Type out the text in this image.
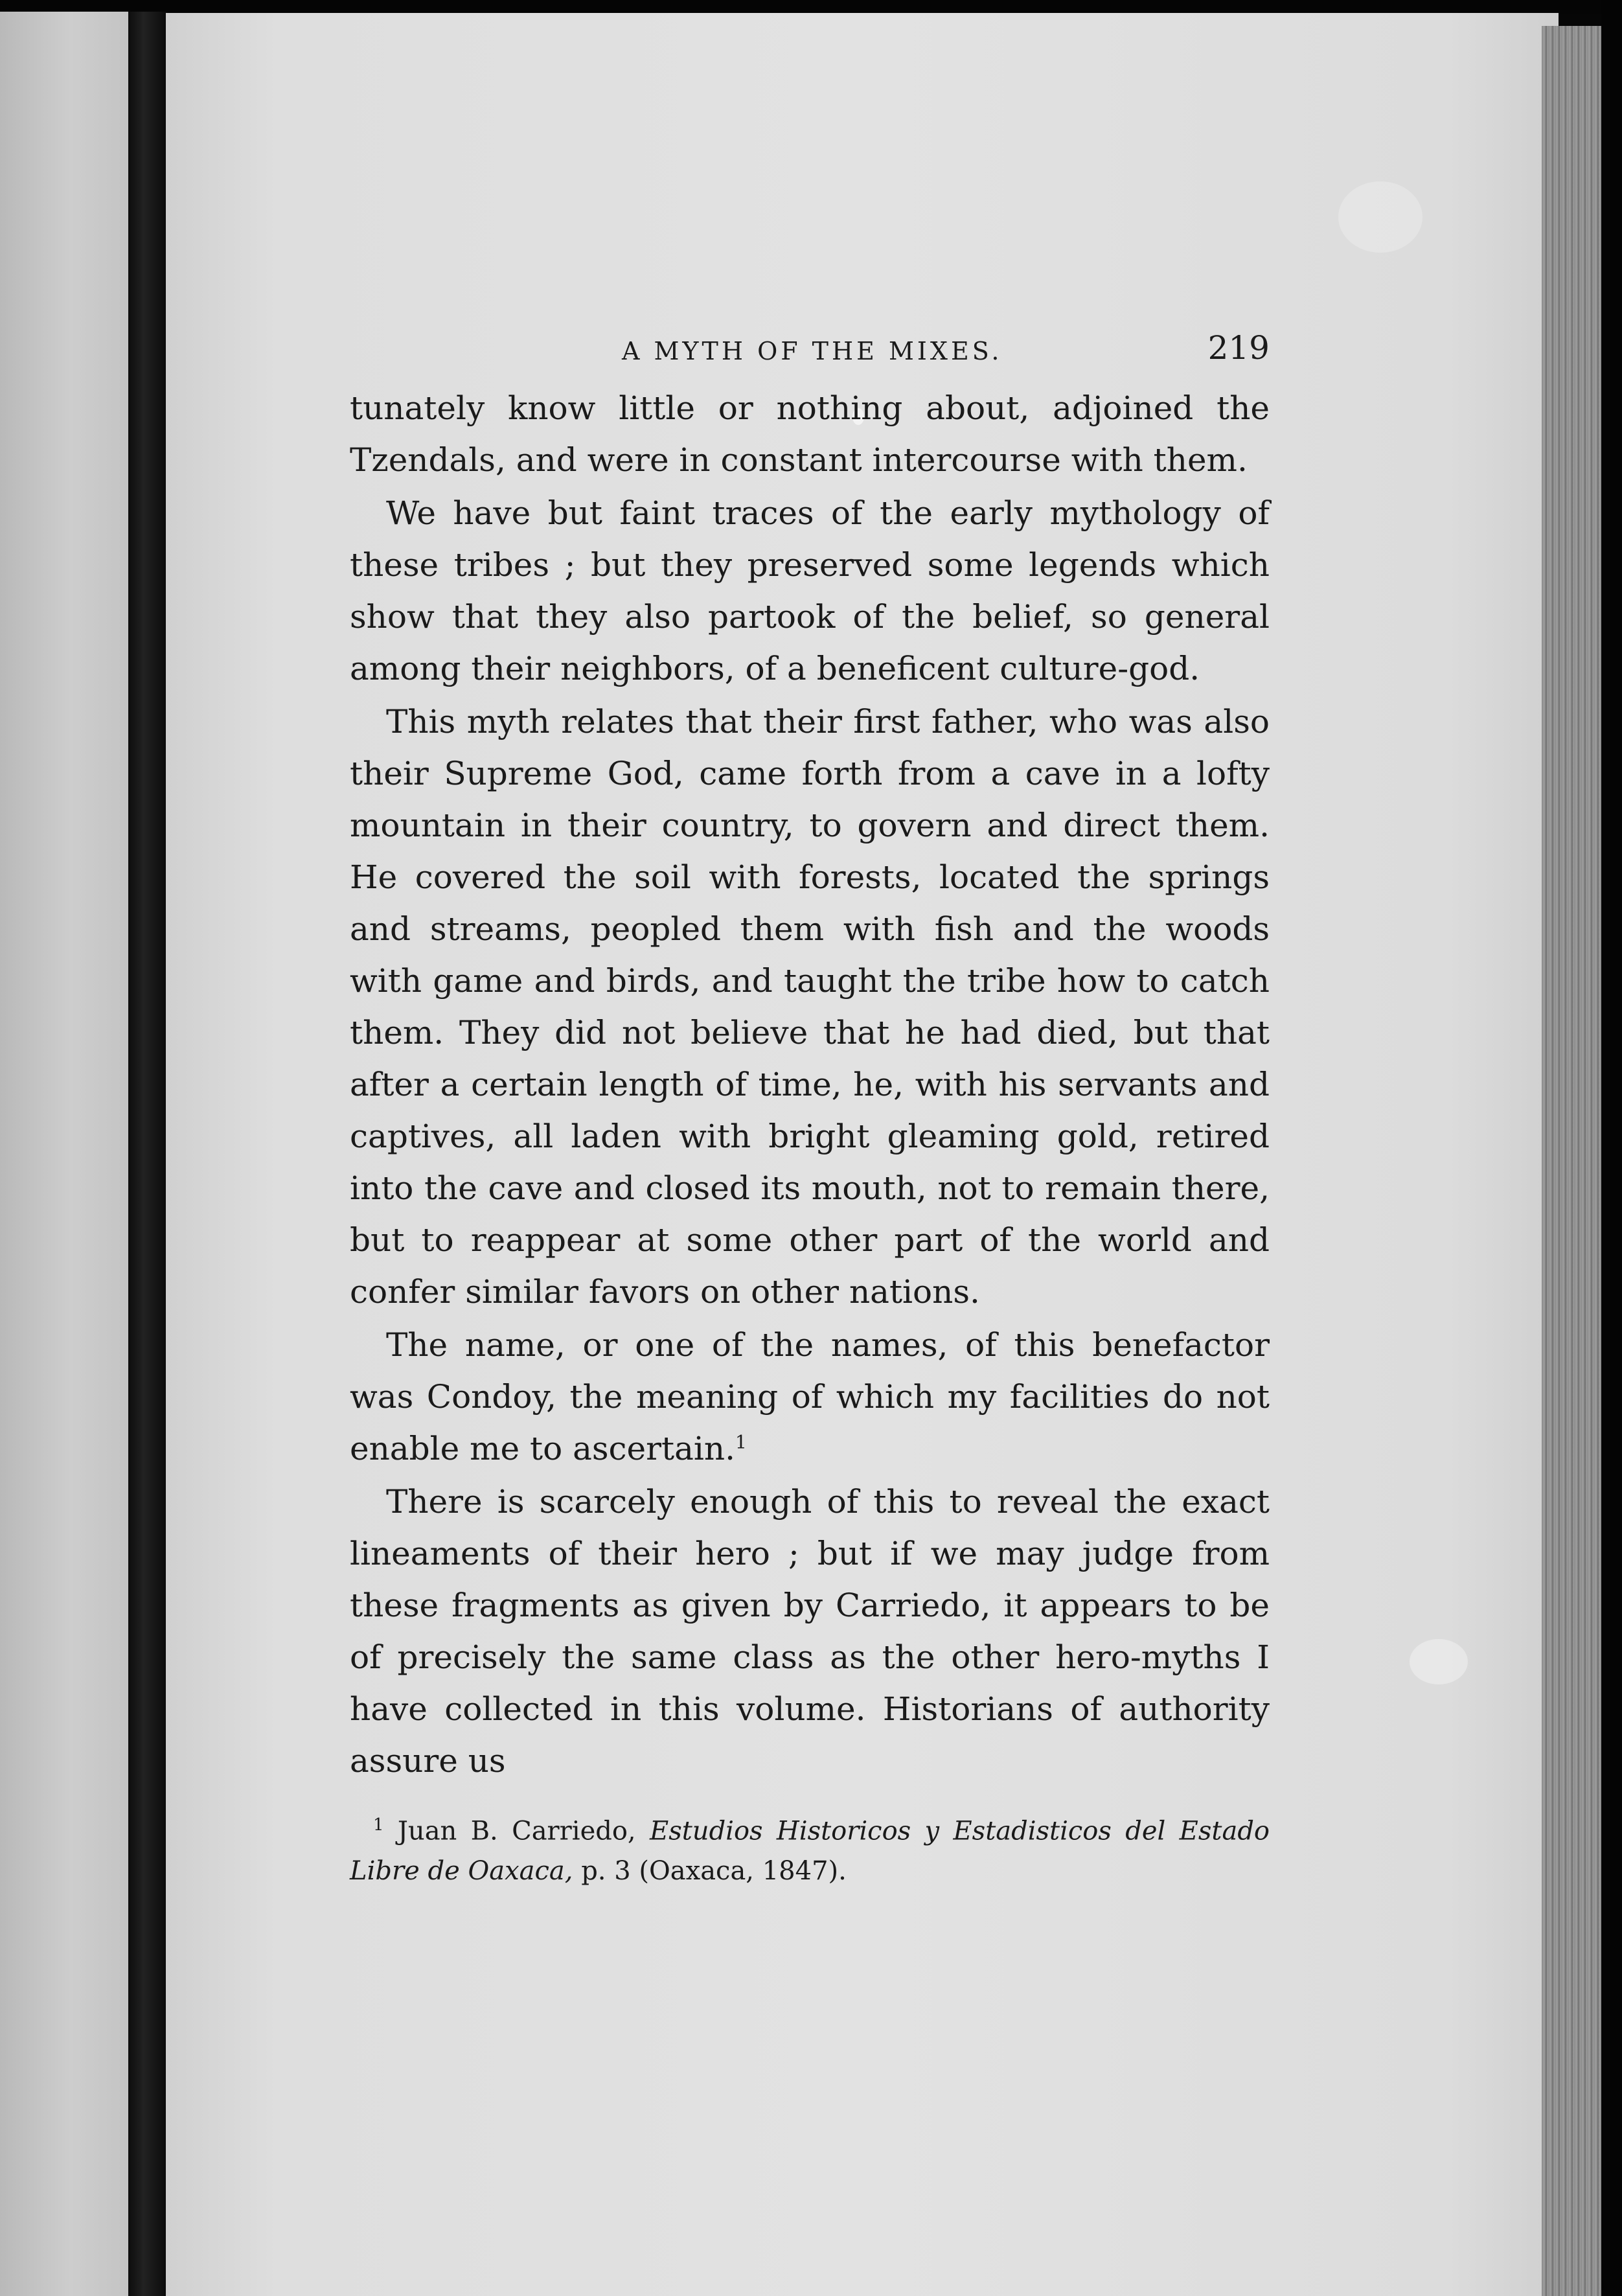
A MYTH OF THE MIXES.	219

tunately know little or nothing about, adjoined the Tzendals, and were in constant intercourse with them.

We have but faint traces of the early mythology of these tribes ; but they preserved some legends which show that they also partook of the belief, so general among their neighbors, of a beneficent culture-god.

This myth relates that their first father, who was also their Supreme God, came forth from a cave in a lofty mountain in their country, to govern and direct them. He covered the soil with forests, located the springs and streams, peopled them with fish and the woods with game and birds, and taught the tribe how to catch them. They did not believe that he had died, but that after a certain length of time, he, with his servants and captives, all laden with bright gleaming gold, retired into the cave and closed its mouth, not to remain there, but to reappear at some other part of the world and confer similar favors on other nations.

The name, or one of the names, of this benefactor was Condoy, the meaning of which my facilities do not enable me to ascertain.$^1$

There is scarcely enough of this to reveal the exact lineaments of their hero ; but if we may judge from these fragments as given by Carriedo, it appears to be of precisely the same class as the other hero-myths I have collected in this volume. Historians of authority assure us

$^1$ Juan B. Carriedo, Estudios Historicos y Estadisticos del Estado Libre de Oaxaca, p. 3 (Oaxaca, 1847).
